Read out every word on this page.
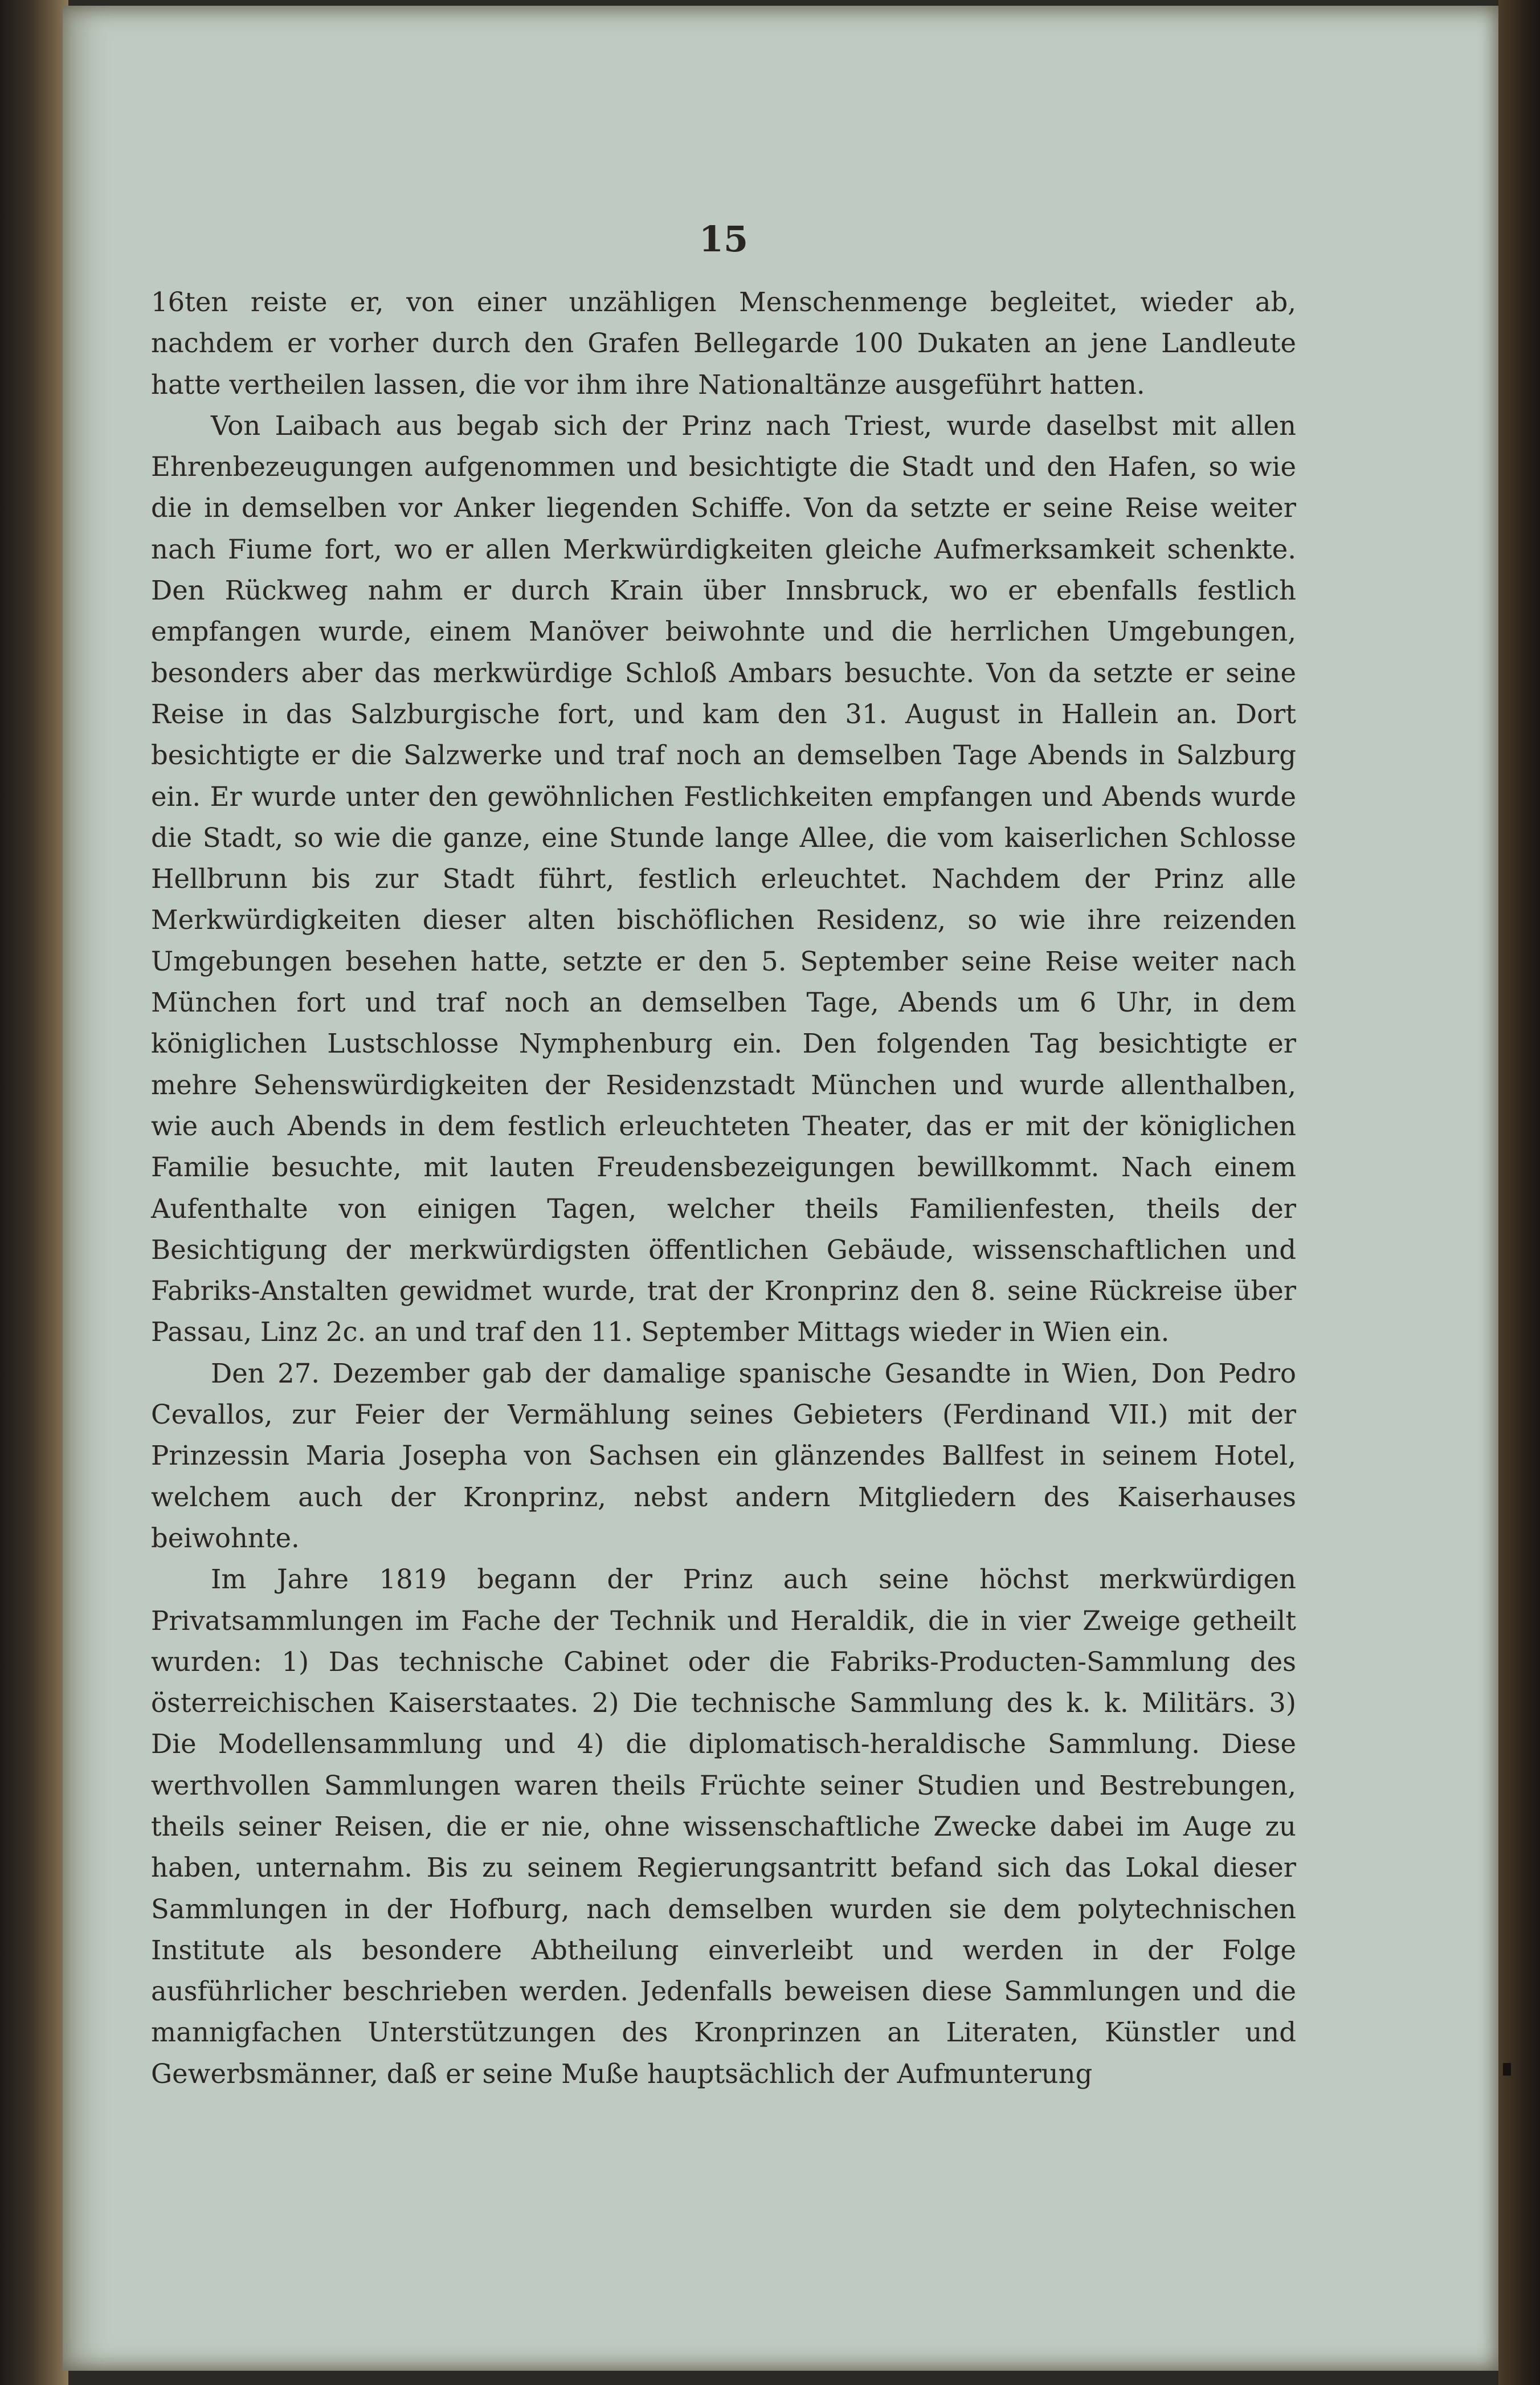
15

16ten reiste er, von einer unzähligen Menschenmenge begleitet, wieder ab, nachdem er vorher durch den Grafen Bellegarde 100 Dukaten an jene Landleute hatte vertheilen lassen, die vor ihm ihre Nationaltänze ausgeführt hatten.

Von Laibach aus begab sich der Prinz nach Triest, wurde daselbst mit allen Ehrenbezeugungen aufgenommen und besichtigte die Stadt und den Hafen, so wie die in demselben vor Anker liegenden Schiffe. Von da setzte er seine Reise weiter nach Fiume fort, wo er allen Merkwürdigkeiten gleiche Aufmerksamkeit schenkte. Den Rückweg nahm er durch Krain über Innsbruck, wo er ebenfalls festlich empfangen wurde, einem Manöver beiwohnte und die herrlichen Umgebungen, besonders aber das merkwürdige Schloß Ambars besuchte. Von da setzte er seine Reise in das Salzburgische fort, und kam den 31. August in Hallein an. Dort besichtigte er die Salzwerke und traf noch an demselben Tage Abends in Salzburg ein. Er wurde unter den gewöhnlichen Festlichkeiten empfangen und Abends wurde die Stadt, so wie die ganze, eine Stunde lange Allee, die vom kaiserlichen Schlosse Hellbrunn bis zur Stadt führt, festlich erleuchtet. Nachdem der Prinz alle Merkwürdigkeiten dieser alten bischöflichen Residenz, so wie ihre reizenden Umgebungen besehen hatte, setzte er den 5. September seine Reise weiter nach München fort und traf noch an demselben Tage, Abends um 6 Uhr, in dem königlichen Lustschlosse Nymphenburg ein. Den folgenden Tag besichtigte er mehre Sehenswürdigkeiten der Residenzstadt München und wurde allenthalben, wie auch Abends in dem festlich erleuchteten Theater, das er mit der königlichen Familie besuchte, mit lauten Freudensbezeigungen bewillkommt. Nach einem Aufenthalte von einigen Tagen, welcher theils Familienfesten, theils der Besichtigung der merkwürdigsten öffentlichen Gebäude, wissenschaftlichen und Fabriks-Anstalten gewidmet wurde, trat der Kronprinz den 8. seine Rückreise über Passau, Linz 2c. an und traf den 11. September Mittags wieder in Wien ein.

Den 27. Dezember gab der damalige spanische Gesandte in Wien, Don Pedro Cevallos, zur Feier der Vermählung seines Gebieters (Ferdinand VII.) mit der Prinzessin Maria Josepha von Sachsen ein glänzendes Ballfest in seinem Hotel, welchem auch der Kronprinz, nebst andern Mitgliedern des Kaiserhauses beiwohnte.

Im Jahre 1819 begann der Prinz auch seine höchst merkwürdigen Privatsammlungen im Fache der Technik und Heraldik, die in vier Zweige getheilt wurden: 1) Das technische Cabinet oder die Fabriks-Producten-Sammlung des österreichischen Kaiserstaates. 2) Die technische Sammlung des k. k. Militärs. 3) Die Modellensammlung und 4) die diplomatisch-heraldische Sammlung. Diese werthvollen Sammlungen waren theils Früchte seiner Studien und Bestrebungen, theils seiner Reisen, die er nie, ohne wissenschaftliche Zwecke dabei im Auge zu haben, unternahm. Bis zu seinem Regierungsantritt befand sich das Lokal dieser Sammlungen in der Hofburg, nach demselben wurden sie dem polytechnischen Institute als besondere Abtheilung einverleibt und werden in der Folge ausführlicher beschrieben werden. Jedenfalls beweisen diese Sammlungen und die mannigfachen Unterstützungen des Kronprinzen an Literaten, Künstler und Gewerbsmänner, daß er seine Muße hauptsächlich der Aufmunterung
